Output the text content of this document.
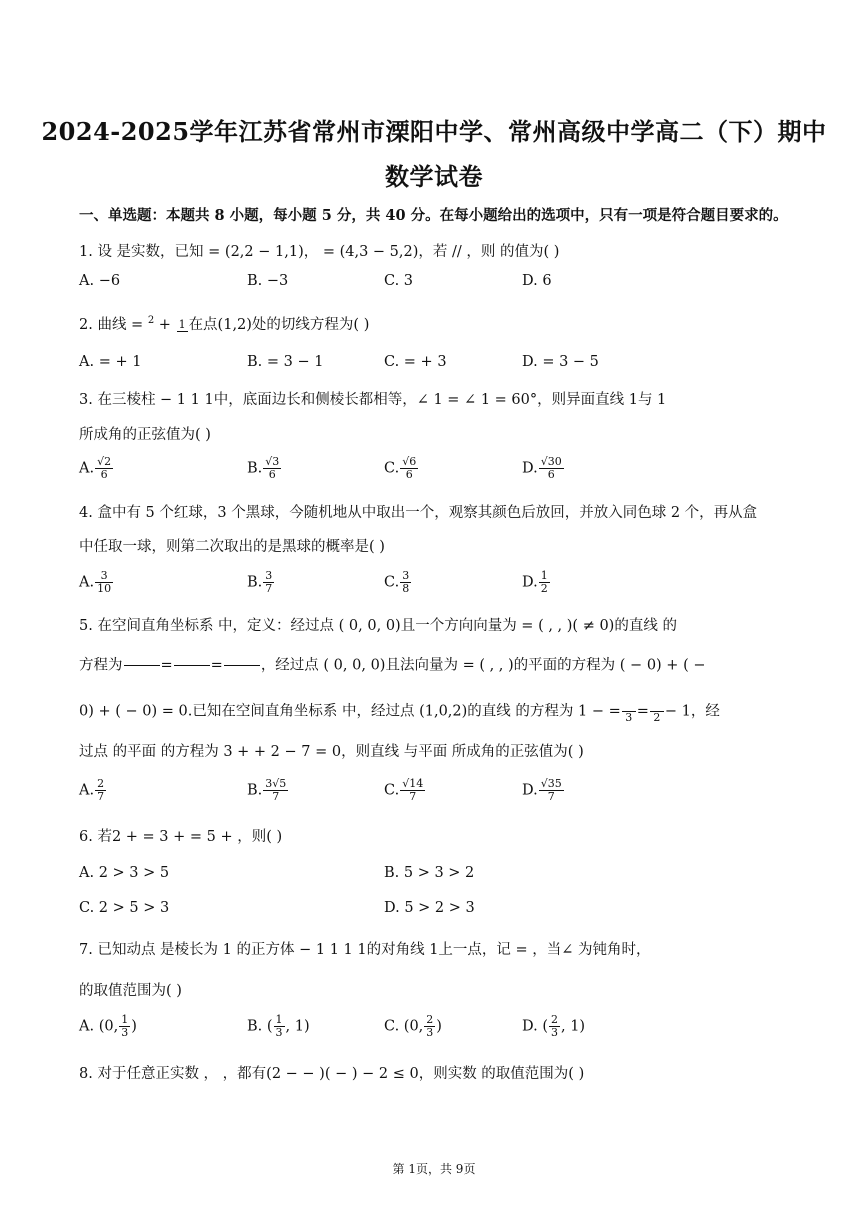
2024-2025学年江苏省常州市溧阳中学、常州高级中学高二（下）期中
数学试卷
一、单选题：本题共 8 小题，每小题 5 分，共 40 分。在每小题给出的选项中，只有一项是符合题目要求的。
1. 设 是实数，已知 = (2,2 − 1,1)， = (4,3 − 5,2)，若 // ，则 的值为( )
A. −6	B. −3	C. 3	D. 6
2. 曲线 = $^2$ + 1 在点(1,2)处的切线方程为( )
A. = + 1	B. = 3 − 1	C. = + 3	D. = 3 − 5
3. 在三棱柱 − 1 1 1中，底面边长和侧棱长都相等，∠ 1 = ∠ 1 = 60°，则异面直线 1与 1
所成角的正弦值为( )
A. $\frac{√2}{6}$	B. $\frac{√3}{6}$	C. $\frac{√6}{6}$	D. $\frac{√30}{6}$
4. 盒中有 5 个红球，3 个黑球，今随机地从中取出一个，观察其颜色后放回，并放入同色球 2 个，再从盒
中任取一球，则第二次取出的是黑球的概率是( )
A. $\frac{3}{10}$	B. $\frac{3}{7}$	C. $\frac{3}{8}$	D. $\frac{1}{2}$
5. 在空间直角坐标系 中，定义：经过点 ( 0, 0, 0)且一个方向向量为 = ( , , )( ≠ 0)的直线 的
方程为

	=

	=

	，经过点 ( 0, 0, 0)且法向量为 = ( , , )的平面的方程为 ( − 0) + ( −
0) + ( − 0) = 0.已知在空间直角坐标系 中，经过点 (1,0,2)的直线 的方程为 1 − =
3 =
2 − 1，经
过点 的平面 的方程为 3 + + 2 − 7 = 0，则直线 与平面 所成角的正弦值为( )
A. $\frac{2}{7}$	B. $\frac{3√5}{7}$	C. $\frac{√14}{7}$	D. $\frac{√35}{7}$
6. 若2 + = 3 + = 5 + ，则( )
A. 2 > 3 > 5	B. 5 > 3 > 2
C. 2 > 5 > 3	D. 5 > 2 > 3
7. 已知动点 是棱长为 1 的正方体 − 1 1 1 1的对角线 1上一点，记 = ，当∠ 为钝角时，
的取值范围为( )
A. (0, $\frac{1}{3}$ )	B. ( $\frac{1}{3}$ , 1)	C. (0, $\frac{2}{3}$ )	D. ( $\frac{2}{3}$ , 1)
8. 对于任意正实数 ， ，都有(2 − − )( − ) − 2 ≤ 0，则实数 的取值范围为( )
第 1页，共 9页
